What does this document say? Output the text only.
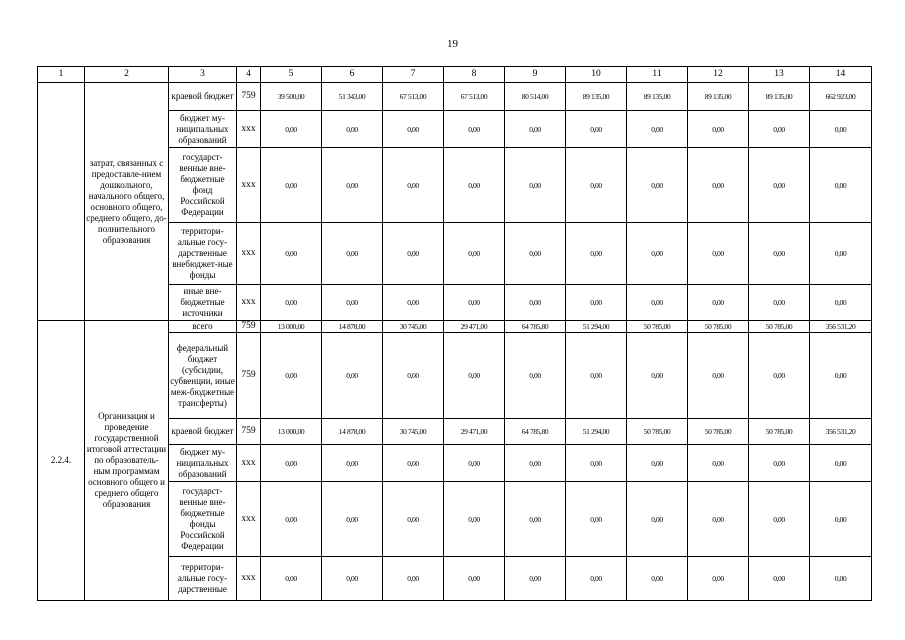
19
1	2	3	4	5	6	7	8	9	10	11	12	13	14
	затрат, связанных с предоставле-нием дошкольного, начального общего, основного общего, среднего общего, до-полнительного образования	краевой бюджет	759	39 500,00	51 343,00	67 513,00	67 513,00	80 514,00	89 135,00	89 135,00	89 135,00	89 135,00	662 923,00
		бюджет му-ниципальных образований	xxx	0,00	0,00	0,00	0,00	0,00	0,00	0,00	0,00	0,00	0,00
		государст-венные вне-бюджетные фонд Российской Федерации	xxx	0,00	0,00	0,00	0,00	0,00	0,00	0,00	0,00	0,00	0,00
		территори-альные госу-дарственные внебюджет-ные фонды	xxx	0,00	0,00	0,00	0,00	0,00	0,00	0,00	0,00	0,00	0,00
		иные вне-бюджетные источники	xxx	0,00	0,00	0,00	0,00	0,00	0,00	0,00	0,00	0,00	0,00
2.2.4.	Организация и проведение государственной итоговой аттестации по образователь-ным программам основного общего и среднего общего образования	всего	759	13 000,00	14 878,00	30 745,00	29 471,00	64 785,80	51 294,00	50 785,00	50 785,00	50 785,00	356 531,20
		федеральный бюджет (субсидии, субвенции, иные меж-бюджетные трансферты)	759	0,00	0,00	0,00	0,00	0,00	0,00	0,00	0,00	0,00	0,00
		краевой бюджет	759	13 000,00	14 878,00	30 745,00	29 471,00	64 785,80	51 294,00	50 785,00	50 785,00	50 785,00	356 531,20
		бюджет му-ниципальных образований	xxx	0,00	0,00	0,00	0,00	0,00	0,00	0,00	0,00	0,00	0,00
		государст-венные вне-бюджетные фонды Российской Федерации	xxx	0,00	0,00	0,00	0,00	0,00	0,00	0,00	0,00	0,00	0,00
		территори-альные госу-дарственные	xxx	0,00	0,00	0,00	0,00	0,00	0,00	0,00	0,00	0,00	0,00
